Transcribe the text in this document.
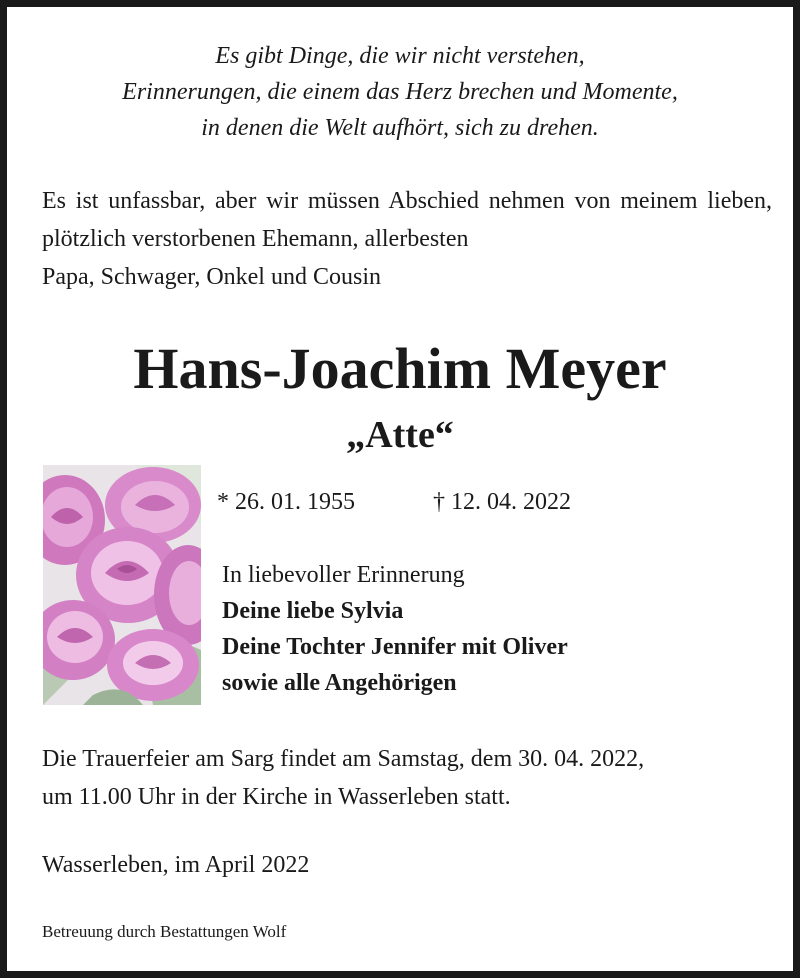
Es gibt Dinge, die wir nicht verstehen,
Erinnerungen, die einem das Herz brechen und Momente,
in denen die Welt aufhört, sich zu drehen.
Es ist unfassbar, aber wir müssen Abschied nehmen von meinem lieben, plötzlich verstorbenen Ehemann, allerbesten
Papa, Schwager, Onkel und Cousin
Hans-Joachim Meyer
„Atte“
* 26. 01. 1955	† 12. 04. 2022
In liebevoller Erinnerung
Deine liebe Sylvia
Deine Tochter Jennifer mit Oliver
sowie alle Angehörigen
Die Trauerfeier am Sarg findet am Samstag, dem 30. 04. 2022,
um 11.00 Uhr in der Kirche in Wasserleben statt.
Wasserleben, im April 2022
Betreuung durch Bestattungen Wolf
